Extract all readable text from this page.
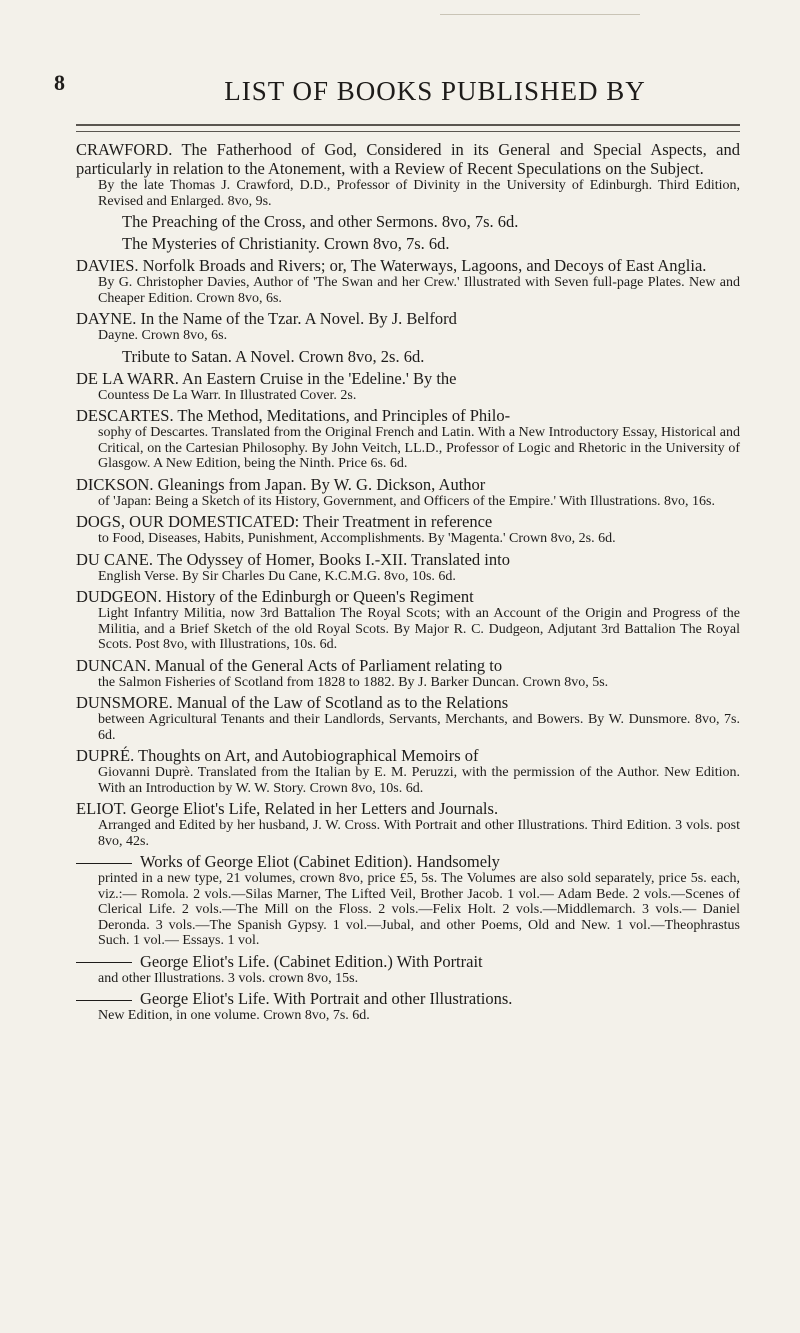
8	LIST OF BOOKS PUBLISHED BY
CRAWFORD. The Fatherhood of God, Considered in its General and Special Aspects, and particularly in relation to the Atonement, with a Review of Recent Speculations on the Subject.
By the late Thomas J. Crawford, D.D., Professor of Divinity in the University of Edinburgh. Third Edition, Revised and Enlarged. 8vo, 9s.
The Preaching of the Cross, and other Sermons. 8vo, 7s. 6d.
The Mysteries of Christianity. Crown 8vo, 7s. 6d.
DAVIES. Norfolk Broads and Rivers; or, The Waterways, Lagoons, and Decoys of East Anglia.
By G. Christopher Davies, Author of 'The Swan and her Crew.' Illustrated with Seven full-page Plates. New and Cheaper Edition. Crown 8vo, 6s.
DAYNE. In the Name of the Tzar. A Novel. By J. Belford
Dayne. Crown 8vo, 6s.
Tribute to Satan. A Novel. Crown 8vo, 2s. 6d.
DE LA WARR. An Eastern Cruise in the 'Edeline.' By the
Countess De La Warr. In Illustrated Cover. 2s.
DESCARTES. The Method, Meditations, and Principles of Philo-
sophy of Descartes. Translated from the Original French and Latin. With a New Introductory Essay, Historical and Critical, on the Cartesian Philosophy. By John Veitch, LL.D., Professor of Logic and Rhetoric in the University of Glasgow. A New Edition, being the Ninth. Price 6s. 6d.
DICKSON. Gleanings from Japan. By W. G. Dickson, Author
of 'Japan: Being a Sketch of its History, Government, and Officers of the Empire.' With Illustrations. 8vo, 16s.
DOGS, OUR DOMESTICATED: Their Treatment in reference
to Food, Diseases, Habits, Punishment, Accomplishments. By 'Magenta.' Crown 8vo, 2s. 6d.
DU CANE. The Odyssey of Homer, Books I.-XII. Translated into
English Verse. By Sir Charles Du Cane, K.C.M.G. 8vo, 10s. 6d.
DUDGEON. History of the Edinburgh or Queen's Regiment
Light Infantry Militia, now 3rd Battalion The Royal Scots; with an Account of the Origin and Progress of the Militia, and a Brief Sketch of the old Royal Scots. By Major R. C. Dudgeon, Adjutant 3rd Battalion The Royal Scots. Post 8vo, with Illustrations, 10s. 6d.
DUNCAN. Manual of the General Acts of Parliament relating to
the Salmon Fisheries of Scotland from 1828 to 1882. By J. Barker Duncan. Crown 8vo, 5s.
DUNSMORE. Manual of the Law of Scotland as to the Relations
between Agricultural Tenants and their Landlords, Servants, Merchants, and Bowers. By W. Dunsmore. 8vo, 7s. 6d.
DUPRÉ. Thoughts on Art, and Autobiographical Memoirs of
Giovanni Duprè. Translated from the Italian by E. M. Peruzzi, with the permission of the Author. New Edition. With an Introduction by W. W. Story. Crown 8vo, 10s. 6d.
ELIOT. George Eliot's Life, Related in her Letters and Journals.
Arranged and Edited by her husband, J. W. Cross. With Portrait and other Illustrations. Third Edition. 3 vols. post 8vo, 42s.
Works of George Eliot (Cabinet Edition). Handsomely
printed in a new type, 21 volumes, crown 8vo, price £5, 5s. The Volumes are also sold separately, price 5s. each, viz.:— Romola. 2 vols.—Silas Marner, The Lifted Veil, Brother Jacob. 1 vol.— Adam Bede. 2 vols.—Scenes of Clerical Life. 2 vols.—The Mill on the Floss. 2 vols.—Felix Holt. 2 vols.—Middlemarch. 3 vols.— Daniel Deronda. 3 vols.—The Spanish Gypsy. 1 vol.—Jubal, and other Poems, Old and New. 1 vol.—Theophrastus Such. 1 vol.— Essays. 1 vol.
George Eliot's Life. (Cabinet Edition.) With Portrait
and other Illustrations. 3 vols. crown 8vo, 15s.
George Eliot's Life. With Portrait and other Illustrations.
New Edition, in one volume. Crown 8vo, 7s. 6d.
